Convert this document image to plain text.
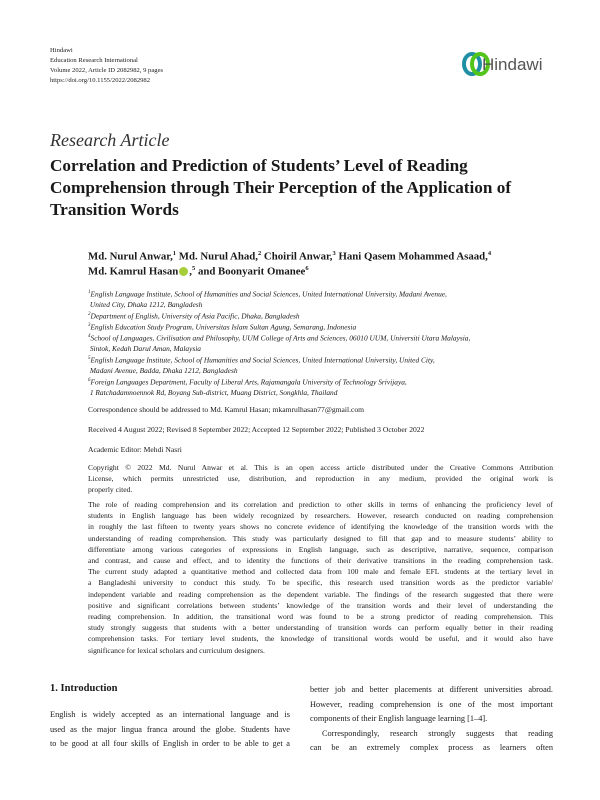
Hindawi
Education Research International
Volume 2022, Article ID 2082982, 9 pages
https://doi.org/10.1155/2022/2082982
Hindawi
Research Article
Correlation and Prediction of Students’ Level of Reading
Comprehension through Their Perception of the Application of
Transition Words
Md. Nurul Anwar,$^1$ Md. Nurul Ahad,$^2$ Choiril Anwar,$^3$ Hani Qasem Mohammed Asaad,$^4$
Md. Kamrul Hasan ,$^5$ and Boonyarit Omanee$^6$
$^1$English Language Institute, School of Humanities and Social Sciences, United International University, Madani Avenue,
United City, Dhaka 1212, Bangladesh
$^2$Department of English, University of Asia Pacific, Dhaka, Bangladesh
$^3$English Education Study Program, Universitas Islam Sultan Agung, Semarang, Indonesia
$^4$School of Languages, Civilisation and Philosophy, UUM College of Arts and Sciences, 06010 UUM, Universiti Utara Malaysia,
Sintok, Kedah Darul Aman, Malaysia
$^5$English Language Institute, School of Humanities and Social Sciences, United International University, United City,
Madani Avenue, Badda, Dhaka 1212, Bangladesh
$^6$Foreign Languages Department, Faculty of Liberal Arts, Rajamangala University of Technology Srivijaya,
1 Ratchadamnoennok Rd, Boyang Sub-district, Muang District, Songkhla, Thailand
Correspondence should be addressed to Md. Kamrul Hasan; mkamrulhasan77@gmail.com
Received 4 August 2022; Revised 8 September 2022; Accepted 12 September 2022; Published 3 October 2022
Academic Editor: Mehdi Nasri
Copyright © 2022 Md. Nurul Anwar et al. This is an open access article distributed under the Creative Commons Attribution
License, which permits unrestricted use, distribution, and reproduction in any medium, provided the original work is
properly cited.
The role of reading comprehension and its correlation and prediction to other skills in terms of enhancing the proficiency level of
students in English language has been widely recognized by researchers. However, research conducted on reading comprehension
in roughly the last fifteen to twenty years shows no concrete evidence of identifying the knowledge of the transition words with the
understanding of reading comprehension. This study was particularly designed to fill that gap and to measure students’ ability to
differentiate among various categories of expressions in English language, such as descriptive, narrative, sequence, comparison
and contrast, and cause and effect, and to identity the functions of their derivative transitions in the reading comprehension task.
The current study adapted a quantitative method and collected data from 100 male and female EFL students at the tertiary level in
a Bangladeshi university to conduct this study. To be specific, this research used transition words as the predictor variable/
independent variable and reading comprehension as the dependent variable. The findings of the research suggested that there were
positive and significant correlations between students’ knowledge of the transition words and their level of understanding the
reading comprehension. In addition, the transitional word was found to be a strong predictor of reading comprehension. This
study strongly suggests that students with a better understanding of transition words can perform equally better in their reading
comprehension tasks. For tertiary level students, the knowledge of transitional words would be useful, and it would also have
significance for lexical scholars and curriculum designers.
1. Introduction
English is widely accepted as an international language and is
used as the major lingua franca around the globe. Students have
to be good at all four skills of English in order to be able to get a
better job and better placements at different universities abroad.
However, reading comprehension is one of the most important
components of their English language learning [1–4].
Correspondingly, research strongly suggests that reading
can be an extremely complex process as learners often
